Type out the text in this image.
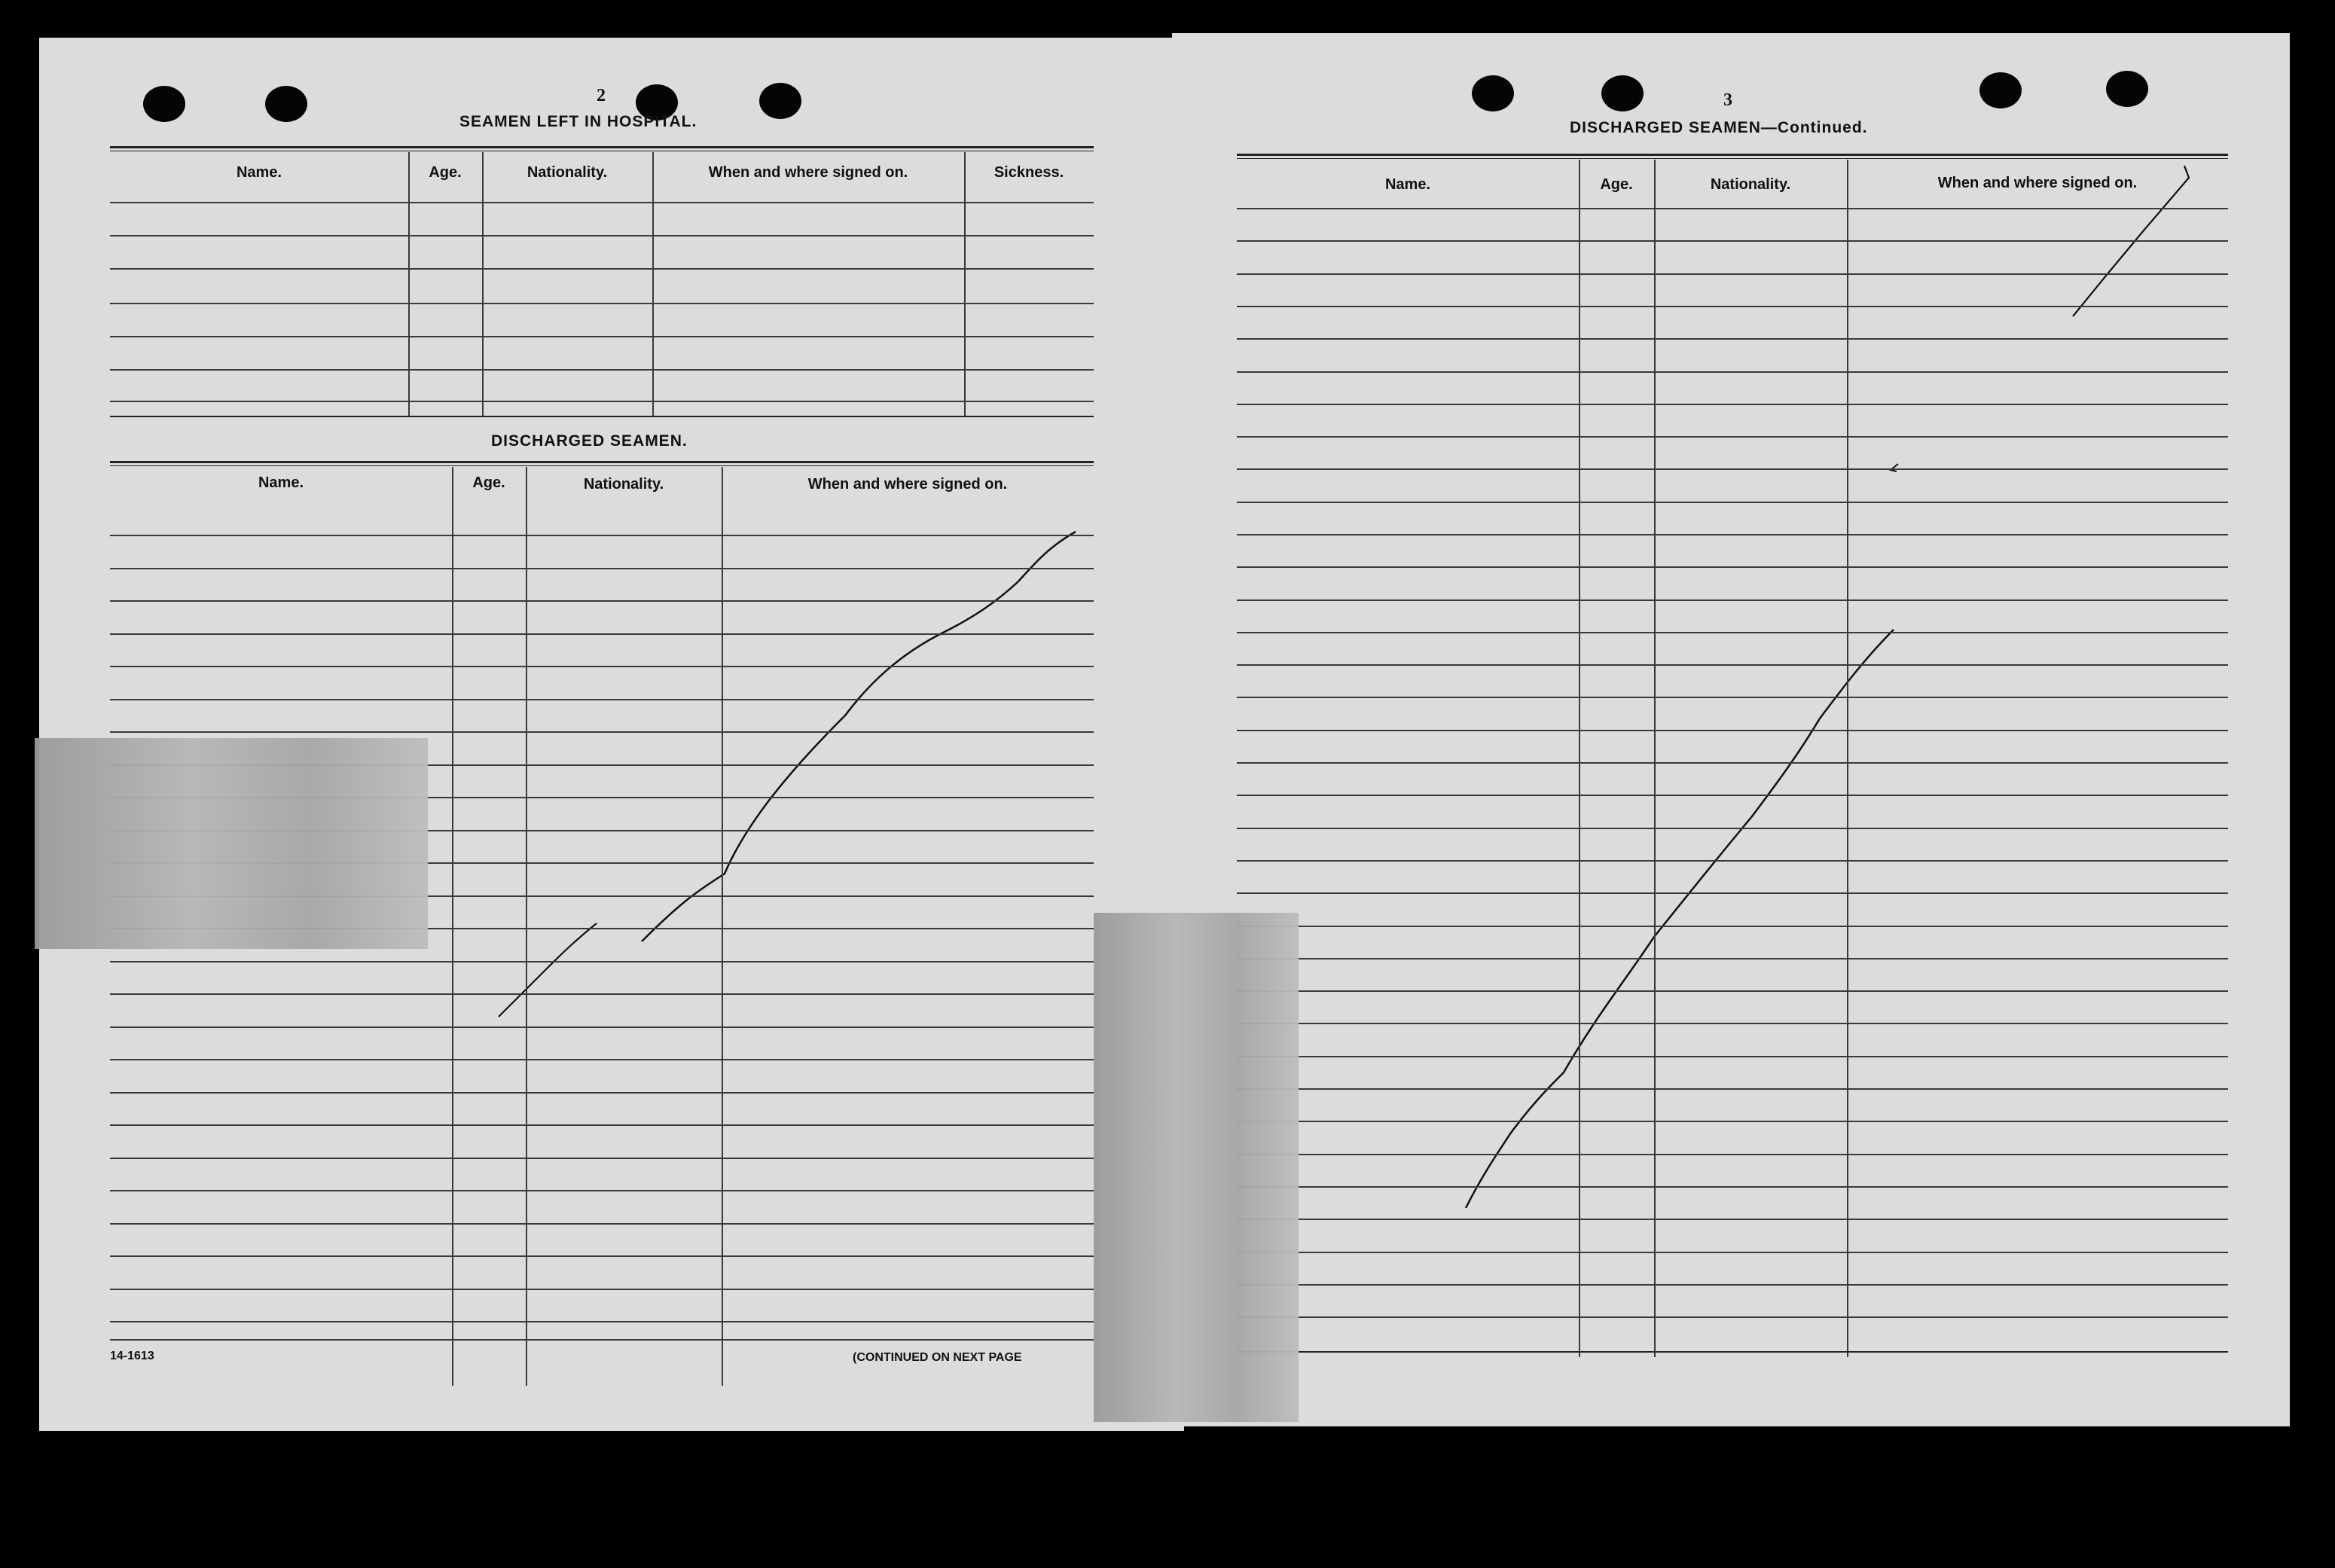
2
SEAMEN LEFT IN HOSPITAL.
Name.	Age.	Nationality.	When and where signed on.	Sickness.
DISCHARGED SEAMEN.
Name.	Age.	Nationality.	When and where signed on.
14-1613	(CONTINUED ON NEXT PAGE
3
DISCHARGED SEAMEN—Continued.
Name.	Age.	Nationality.	When and where signed on.
